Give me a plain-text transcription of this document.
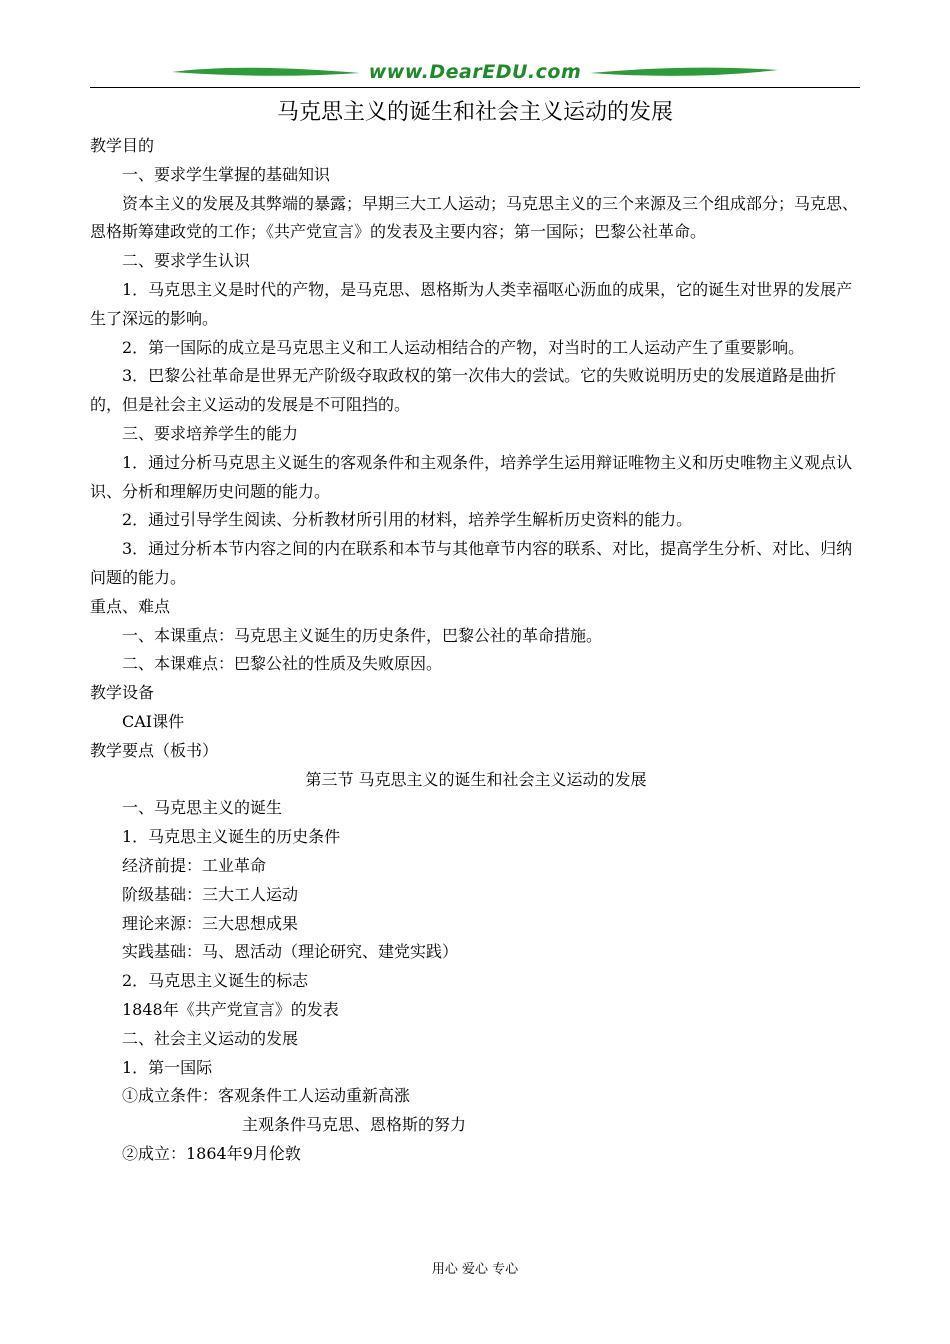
www.DearEDU.com
马克思主义的诞生和社会主义运动的发展

教学目的

一、要求学生掌握的基础知识

资本主义的发展及其弊端的暴露；早期三大工人运动；马克思主义的三个来源及三个组成部分；马克思、恩格斯筹建政党的工作；《共产党宣言》的发表及主要内容；第一国际；巴黎公社革命。

二、要求学生认识

1．马克思主义是时代的产物，是马克思、恩格斯为人类幸福呕心沥血的成果，它的诞生对世界的发展产生了深远的影响。

2．第一国际的成立是马克思主义和工人运动相结合的产物，对当时的工人运动产生了重要影响。

3．巴黎公社革命是世界无产阶级夺取政权的第一次伟大的尝试。它的失败说明历史的发展道路是曲折的，但是社会主义运动的发展是不可阻挡的。

三、要求培养学生的能力

1．通过分析马克思主义诞生的客观条件和主观条件，培养学生运用辩证唯物主义和历史唯物主义观点认识、分析和理解历史问题的能力。

2．通过引导学生阅读、分析教材所引用的材料，培养学生解析历史资料的能力。

3．通过分析本节内容之间的内在联系和本节与其他章节内容的联系、对比，提高学生分析、对比、归纳问题的能力。

重点、难点

一、本课重点：马克思主义诞生的历史条件，巴黎公社的革命措施。

二、本课难点：巴黎公社的性质及失败原因。

教学设备

CAI课件

教学要点（板书）

第三节 马克思主义的诞生和社会主义运动的发展

一、马克思主义的诞生

1．马克思主义诞生的历史条件

经济前提：工业革命

阶级基础：三大工人运动

理论来源：三大思想成果

实践基础：马、恩活动（理论研究、建党实践）

2．马克思主义诞生的标志

1848年《共产党宣言》的发表

二、社会主义运动的发展

1．第一国际

①成立条件：客观条件工人运动重新高涨

主观条件马克思、恩格斯的努力

②成立：1864年9月伦敦

用心 爱心 专心
